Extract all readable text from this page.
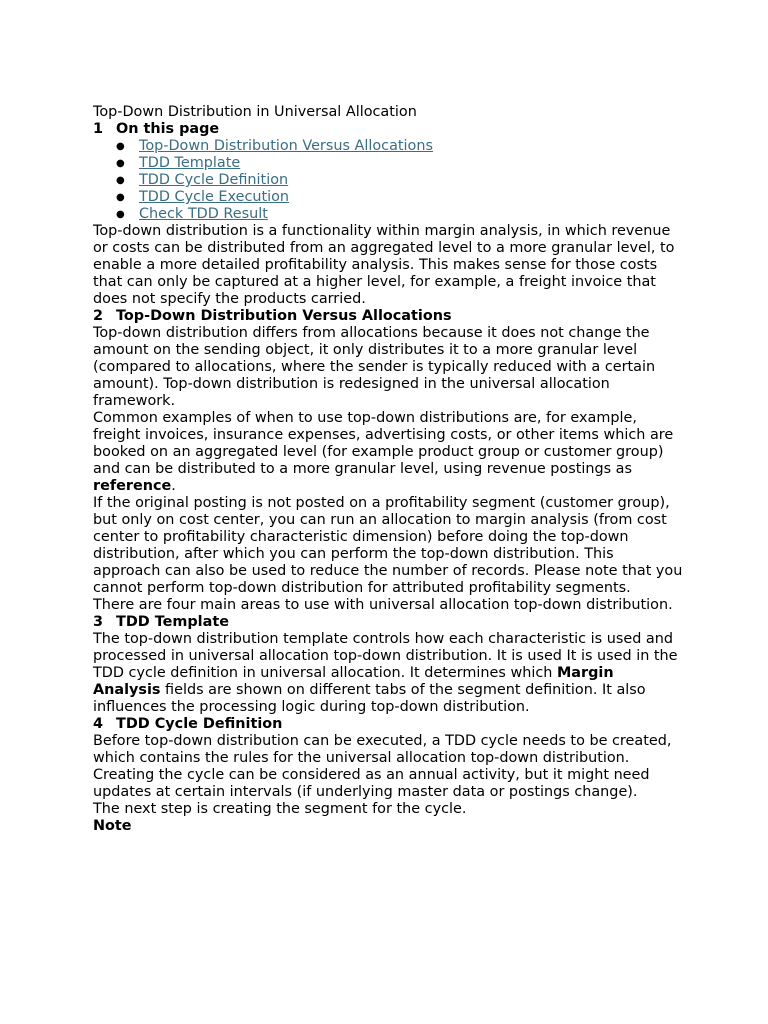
Top-Down Distribution in Universal Allocation

1 On this page
● Top-Down Distribution Versus Allocations
● TDD Template
● TDD Cycle Definition
● TDD Cycle Execution
● Check TDD Result

Top-down distribution is a functionality within margin analysis, in which revenue or costs can be distributed from an aggregated level to a more granular level, to enable a more detailed profitability analysis. This makes sense for those costs that can only be captured at a higher level, for example, a freight invoice that does not specify the products carried.

2 Top-Down Distribution Versus Allocations

Top-down distribution differs from allocations because it does not change the amount on the sending object, it only distributes it to a more granular level (compared to allocations, where the sender is typically reduced with a certain amount). Top-down distribution is redesigned in the universal allocation framework.

Common examples of when to use top-down distributions are, for example, freight invoices, insurance expenses, advertising costs, or other items which are booked on an aggregated level (for example product group or customer group) and can be distributed to a more granular level, using revenue postings as reference.

If the original posting is not posted on a profitability segment (customer group), but only on cost center, you can run an allocation to margin analysis (from cost center to profitability characteristic dimension) before doing the top-down distribution, after which you can perform the top-down distribution. This approach can also be used to reduce the number of records. Please note that you cannot perform top-down distribution for attributed profitability segments.

There are four main areas to use with universal allocation top-down distribution.

3 TDD Template

The top-down distribution template controls how each characteristic is used and processed in universal allocation top-down distribution. It is used It is used in the TDD cycle definition in universal allocation. It determines which Margin Analysis fields are shown on different tabs of the segment definition. It also influences the processing logic during top-down distribution.

4 TDD Cycle Definition

Before top-down distribution can be executed, a TDD cycle needs to be created, which contains the rules for the universal allocation top-down distribution. Creating the cycle can be considered as an annual activity, but it might need updates at certain intervals (if underlying master data or postings change).

The next step is creating the segment for the cycle.

Note
